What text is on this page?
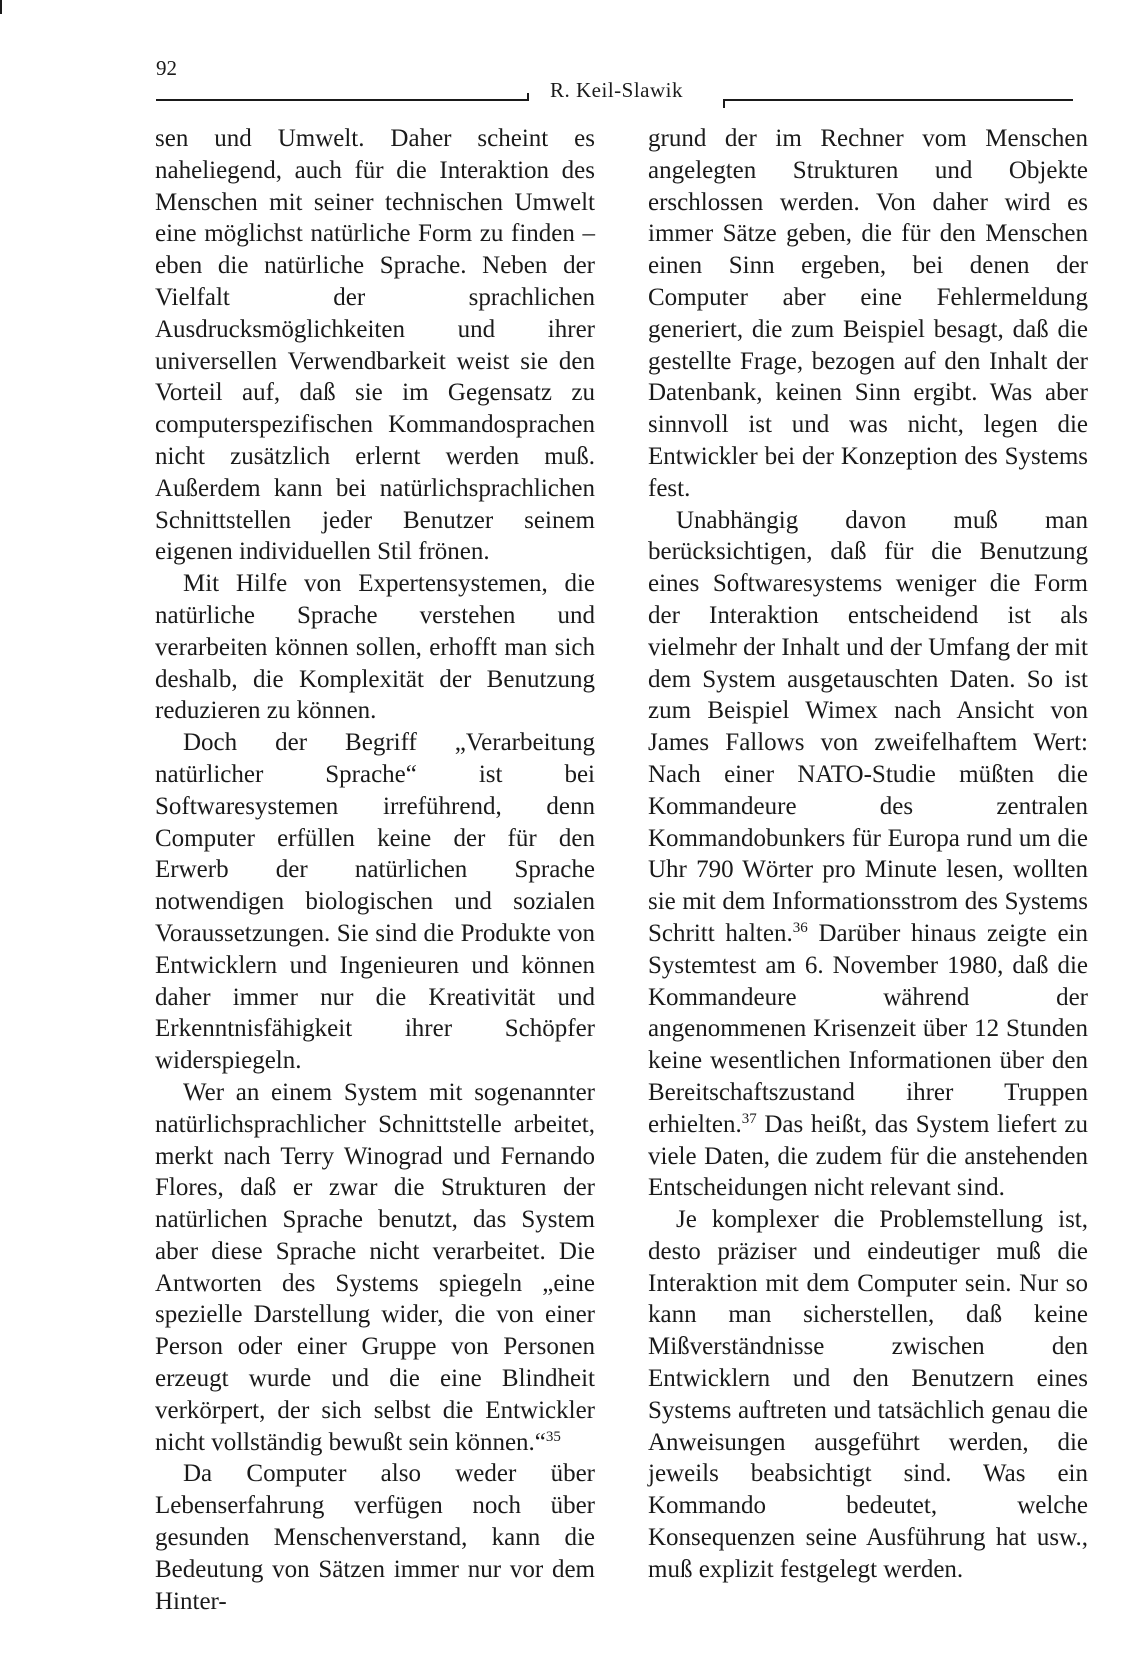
92
R. Keil-Slawik

sen und Umwelt. Daher scheint es naheliegend, auch für die Interaktion des Menschen mit seiner technischen Umwelt eine möglichst natürliche Form zu finden – eben die natürliche Sprache. Neben der Vielfalt der sprachlichen Ausdrucksmöglichkeiten und ihrer universellen Verwendbarkeit weist sie den Vorteil auf, daß sie im Gegensatz zu computerspezifischen Kommandosprachen nicht zusätzlich erlernt werden muß. Außerdem kann bei natürlichsprachlichen Schnittstellen jeder Benutzer seinem eigenen individuellen Stil frönen.

Mit Hilfe von Expertensystemen, die natürliche Sprache verstehen und verarbeiten können sollen, erhofft man sich deshalb, die Komplexität der Benutzung reduzieren zu können.

Doch der Begriff „Verarbeitung natürlicher Sprache“ ist bei Softwaresystemen irreführend, denn Computer erfüllen keine der für den Erwerb der natürlichen Sprache notwendigen biologischen und sozialen Voraussetzungen. Sie sind die Produkte von Entwicklern und Ingenieuren und können daher immer nur die Kreativität und Erkenntnisfähigkeit ihrer Schöpfer widerspiegeln.

Wer an einem System mit sogenannter natürlichsprachlicher Schnittstelle arbeitet, merkt nach Terry Winograd und Fernando Flores, daß er zwar die Strukturen der natürlichen Sprache benutzt, das System aber diese Sprache nicht verarbeitet. Die Antworten des Systems spiegeln „eine spezielle Darstellung wider, die von einer Person oder einer Gruppe von Personen erzeugt wurde und die eine Blindheit verkörpert, der sich selbst die Entwickler nicht vollständig bewußt sein können.“$^{35}$

Da Computer also weder über Lebenserfahrung verfügen noch über gesunden Menschenverstand, kann die Bedeutung von Sätzen immer nur vor dem Hinter-

grund der im Rechner vom Menschen angelegten Strukturen und Objekte erschlossen werden. Von daher wird es immer Sätze geben, die für den Menschen einen Sinn ergeben, bei denen der Computer aber eine Fehlermeldung generiert, die zum Beispiel besagt, daß die gestellte Frage, bezogen auf den Inhalt der Datenbank, keinen Sinn ergibt. Was aber sinnvoll ist und was nicht, legen die Entwickler bei der Konzeption des Systems fest.

Unabhängig davon muß man berücksichtigen, daß für die Benutzung eines Softwaresystems weniger die Form der Interaktion entscheidend ist als vielmehr der Inhalt und der Umfang der mit dem System ausgetauschten Daten. So ist zum Beispiel Wimex nach Ansicht von James Fallows von zweifelhaftem Wert: Nach einer NATO-Studie müßten die Kommandeure des zentralen Kommandobunkers für Europa rund um die Uhr 790 Wörter pro Minute lesen, wollten sie mit dem Informationsstrom des Systems Schritt halten.$^{36}$ Darüber hinaus zeigte ein Systemtest am 6. November 1980, daß die Kommandeure während der angenommenen Krisenzeit über 12 Stunden keine wesentlichen Informationen über den Bereitschaftszustand ihrer Truppen erhielten.$^{37}$ Das heißt, das System liefert zu viele Daten, die zudem für die anstehenden Entscheidungen nicht relevant sind.

Je komplexer die Problemstellung ist, desto präziser und eindeutiger muß die Interaktion mit dem Computer sein. Nur so kann man sicherstellen, daß keine Mißverständnisse zwischen den Entwicklern und den Benutzern eines Systems auftreten und tatsächlich genau die Anweisungen ausgeführt werden, die jeweils beabsichtigt sind. Was ein Kommando bedeutet, welche Konsequenzen seine Ausführung hat usw., muß explizit festgelegt werden.
